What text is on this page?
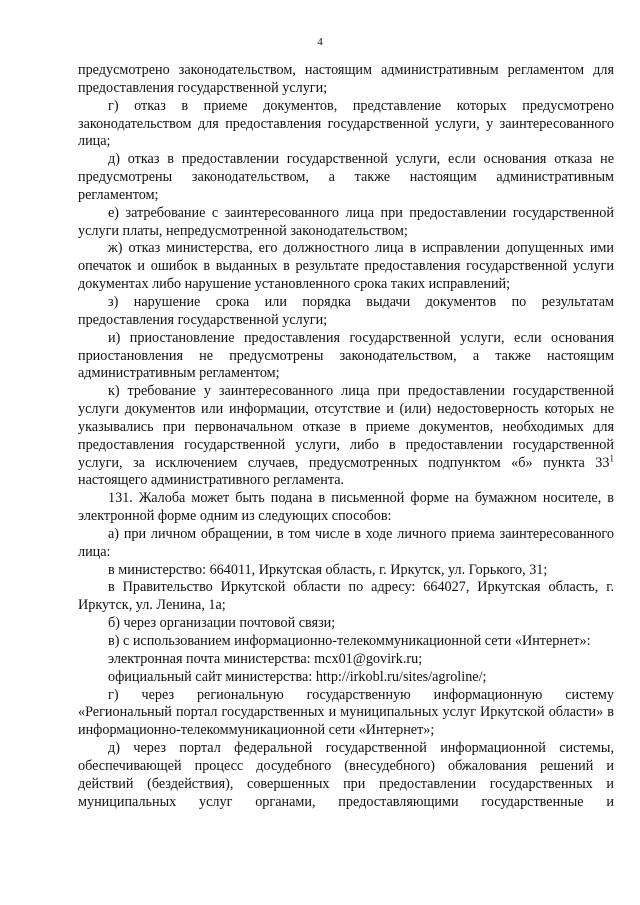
4

предусмотрено законодательством, настоящим административным регламентом для предоставления государственной услуги;

г) отказ в приеме документов, представление которых предусмотрено законодательством для предоставления государственной услуги, у заинтересованного лица;

д) отказ в предоставлении государственной услуги, если основания отказа не предусмотрены законодательством, а также настоящим административным регламентом;

е) затребование с заинтересованного лица при предоставлении государственной услуги платы, непредусмотренной законодательством;

ж) отказ министерства, его должностного лица в исправлении допущенных ими опечаток и ошибок в выданных в результате предоставления государственной услуги документах либо нарушение установленного срока таких исправлений;

з) нарушение срока или порядка выдачи документов по результатам предоставления государственной услуги;

и) приостановление предоставления государственной услуги, если основания приостановления не предусмотрены законодательством, а также настоящим административным регламентом;

к) требование у заинтересованного лица при предоставлении государственной услуги документов или информации, отсутствие и (или) недостоверность которых не указывались при первоначальном отказе в приеме документов, необходимых для предоставления государственной услуги, либо в предоставлении государственной услуги, за исключением случаев, предусмотренных подпунктом «б» пункта $33^1$ настоящего административного регламента.

131. Жалоба может быть подана в письменной форме на бумажном носителе, в электронной форме одним из следующих способов:

а) при личном обращении, в том числе в ходе личного приема заинтересованного лица:

в министерство: 664011, Иркутская область, г. Иркутск, ул. Горького, 31;

в Правительство Иркутской области по адресу: 664027, Иркутская область, г. Иркутск, ул. Ленина, 1а;

б) через организации почтовой связи;

в) с использованием информационно-телекоммуникационной сети «Интернет»:

электронная почта министерства: mcx01@govirk.ru;

официальный сайт министерства: http://irkobl.ru/sites/agroline/;

г) через региональную государственную информационную систему «Региональный портал государственных и муниципальных услуг Иркутской области» в информационно-телекоммуникационной сети «Интернет»;

д) через портал федеральной государственной информационной системы, обеспечивающей процесс досудебного (внесудебного) обжалования решений и действий (бездействия), совершенных при предоставлении государственных и муниципальных услуг органами, предоставляющими государственные и
